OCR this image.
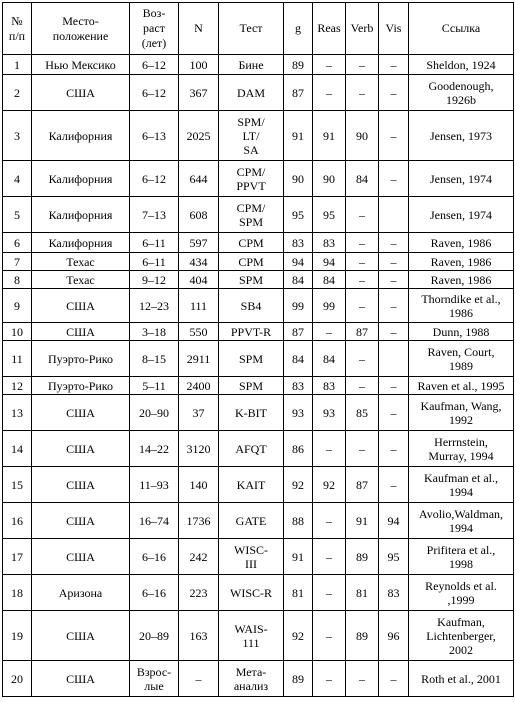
№
п/п	Место-
положение	Воз-
раст
(лет)	N	Тест	g	Reas	Verb	Vis	Ссылка
1	Нью Мексико	6–12	100	Бине	89	–	–	–	Sheldon, 1924
2	США	6–12	367	DAM	87	–	–	–	Goodenough,
1926b
3	Калифорния	6–13	2025	SPM/
LT/
SA	91	91	90	–	Jensen, 1973
4	Калифорния	6–12	644	CPM/
PPVT	90	90	84	–	Jensen, 1974
5	Калифорния	7–13	608	CPM/
SPM	95	95	–		Jensen, 1974
6	Калифорния	6–11	597	CPM	83	83	–	–	Raven, 1986
7	Техас	6–11	434	CPM	94	94	–	–	Raven, 1986
8	Техас	9–12	404	SPM	84	84	–	–	Raven, 1986
9	США	12–23	111	SB4	99	99	–	–	Thorndike et al.,
1986
10	США	3–18	550	PPVT-R	87	–	87	–	Dunn, 1988
11	Пуэрто-Рико	8–15	2911	SPM	84	84	–		Raven, Court,
1989
12	Пуэрто-Рико	5–11	2400	SPM	83	83	–	–	Raven et al., 1995
13	США	20–90	37	K-BIT	93	93	85	–	Kaufman, Wang,
1992
14	США	14–22	3120	AFQT	86	–	–	–	Herrnstein,
Murray, 1994
15	США	11–93	140	KAIT	92	92	87	–	Kaufman et al.,
1994
16	США	16–74	1736	GATE	88	–	91	94	Avolio,Waldman,
1994
17	США	6–16	242	WISC-
III	91	–	89	95	Prifitera et al.,
1998
18	Аризона	6–16	223	WISC-R	81	–	81	83	Reynolds et al.
,1999
19	США	20–89	163	WAIS-
111	92	–	89	96	Kaufman,
Lichtenberger,
2002
20	США	Взрос-
лые	–	Мета-
анализ	89	–	–	–	Roth et al., 2001
